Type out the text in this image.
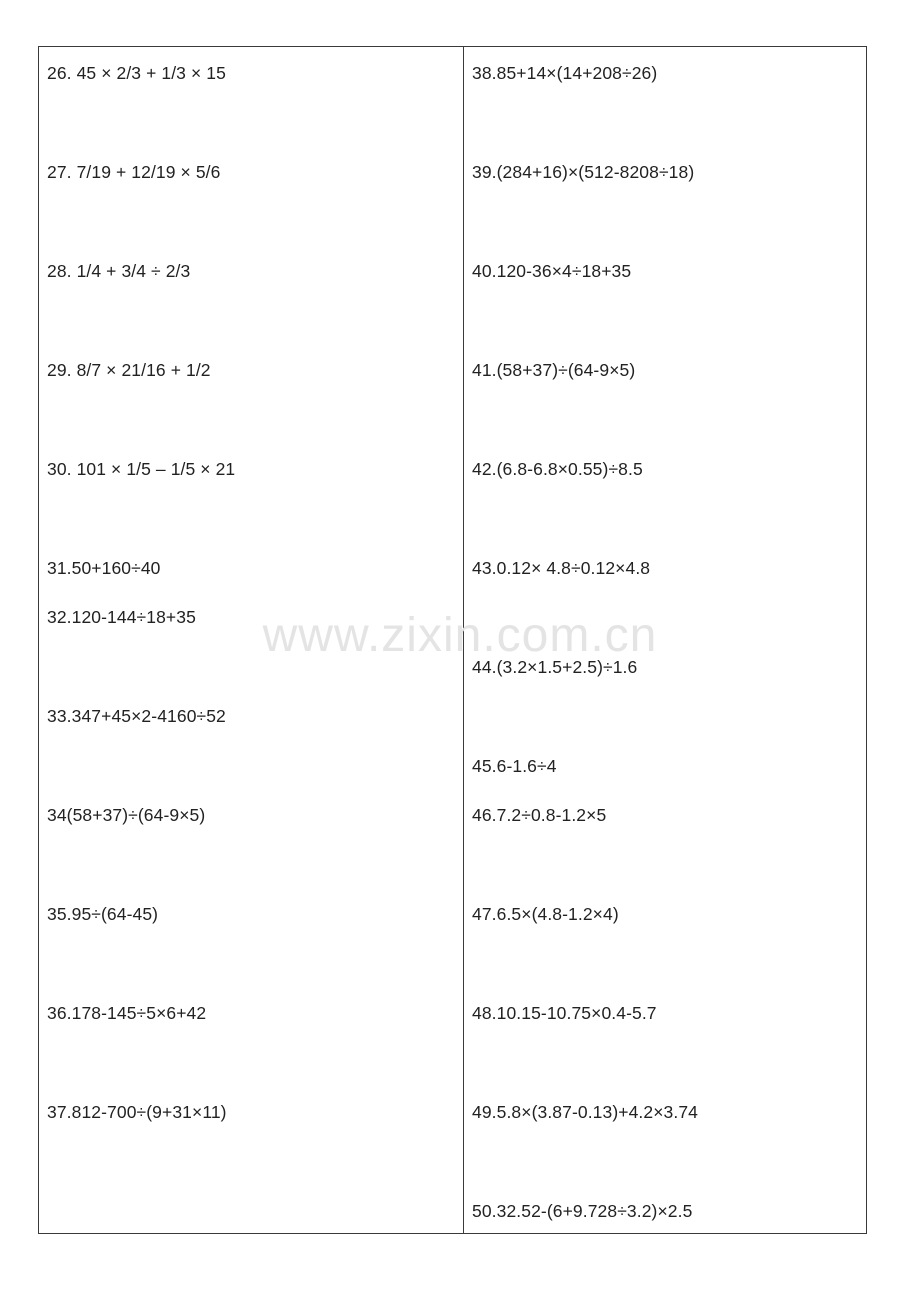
26. 45 × 2/3 + 1/3 × 15
27. 7/19 + 12/19 × 5/6
28. 1/4 + 3/4 ÷ 2/3
29. 8/7 × 21/16 + 1/2
30. 101 × 1/5 – 1/5 × 21
31.50+160÷40
32.120-144÷18+35
33.347+45×2-4160÷52
34(58+37)÷(64-9×5)
35.95÷(64-45)
36.178-145÷5×6+42
37.812-700÷(9+31×11)
38.85+14×(14+208÷26)
39.(284+16)×(512-8208÷18)
40.120-36×4÷18+35
41.(58+37)÷(64-9×5)
42.(6.8-6.8×0.55)÷8.5
43.0.12× 4.8÷0.12×4.8
44.(3.2×1.5+2.5)÷1.6
45.6-1.6÷4
46.7.2÷0.8-1.2×5
47.6.5×(4.8-1.2×4)
48.10.15-10.75×0.4-5.7
49.5.8×(3.87-0.13)+4.2×3.74
50.32.52-(6+9.728÷3.2)×2.5
www.zixin.com.cn
